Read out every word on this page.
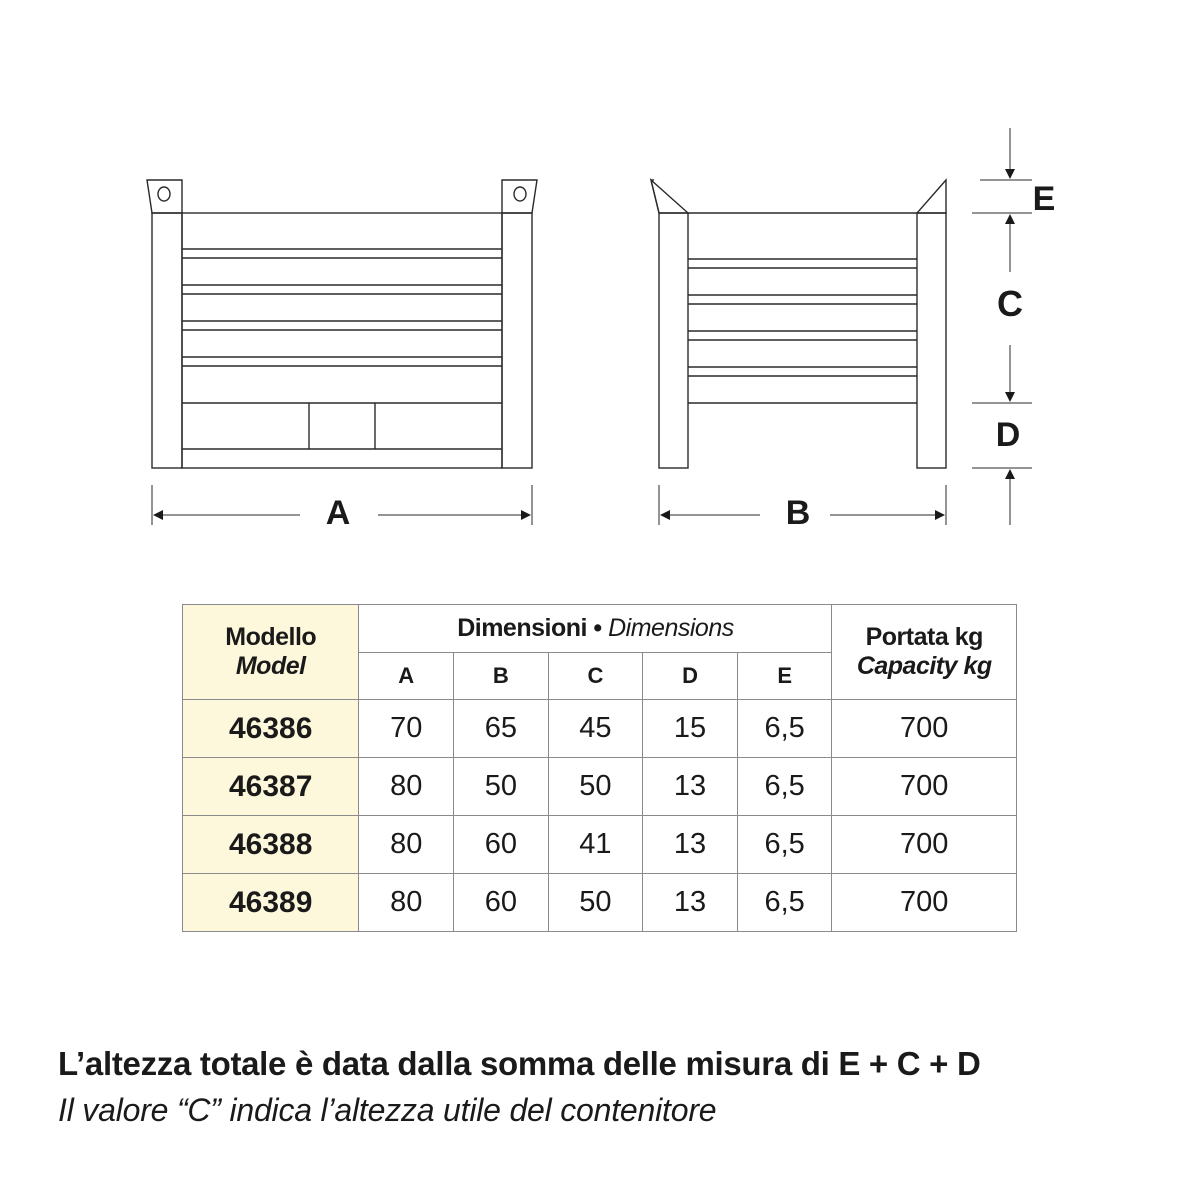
A	B
E
C
D
Modello
Model	Dimensioni • Dimensions					Portata kg
Capacity kg

	A	B	C	D	E	
46386	70	65	45	15	6,5	700
46387	80	50	50	13	6,5	700
46388	80	60	41	13	6,5	700
46389	80	60	50	13	6,5	700
L’altezza totale è data dalla somma delle misura di E + C + D
Il valore “C” indica l’altezza utile del contenitore
